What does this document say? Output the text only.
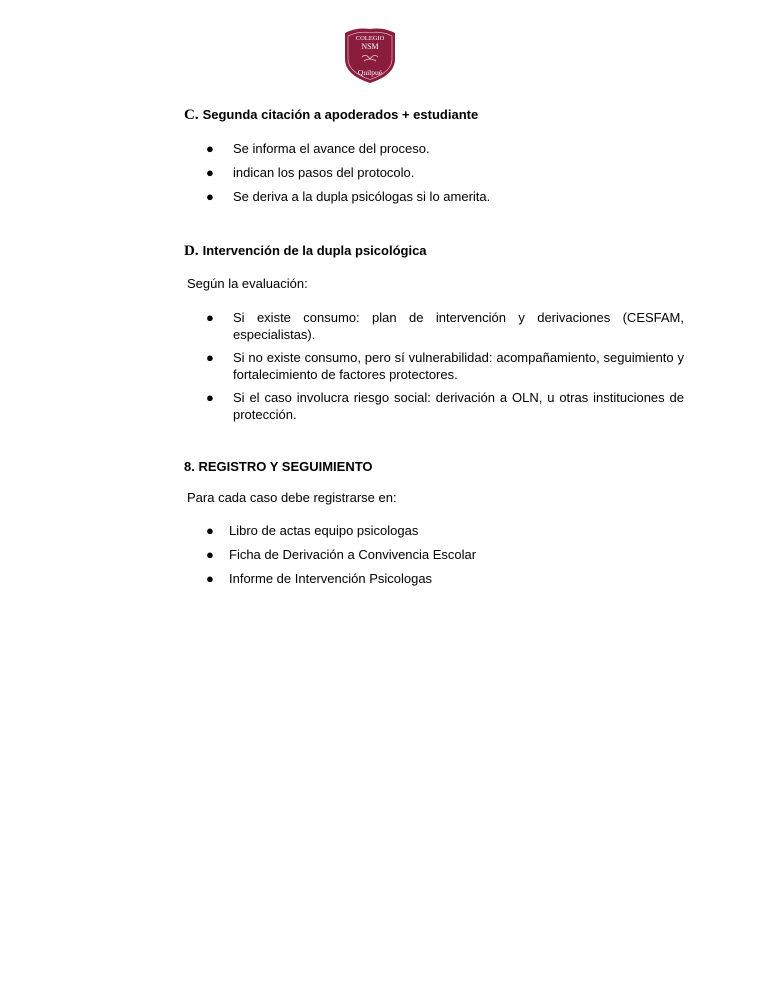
COLEGIO
NSM
Quilpué
C. Segunda citación a apoderados + estudiante
● Se informa el avance del proceso.
● indican los pasos del protocolo.
● Se deriva a la dupla psicólogas si lo amerita.
D. Intervención de la dupla psicológica
Según la evaluación:
● Si existe consumo: plan de intervención y derivaciones (CESFAM, especialistas).
● Si no existe consumo, pero sí vulnerabilidad: acompañamiento, seguimiento y fortalecimiento de factores protectores.
● Si el caso involucra riesgo social: derivación a OLN, u otras instituciones de protección.
8. REGISTRO Y SEGUIMIENTO
Para cada caso debe registrarse en:
● Libro de actas equipo psicologas
● Ficha de Derivación a Convivencia Escolar
● Informe de Intervención Psicologas
